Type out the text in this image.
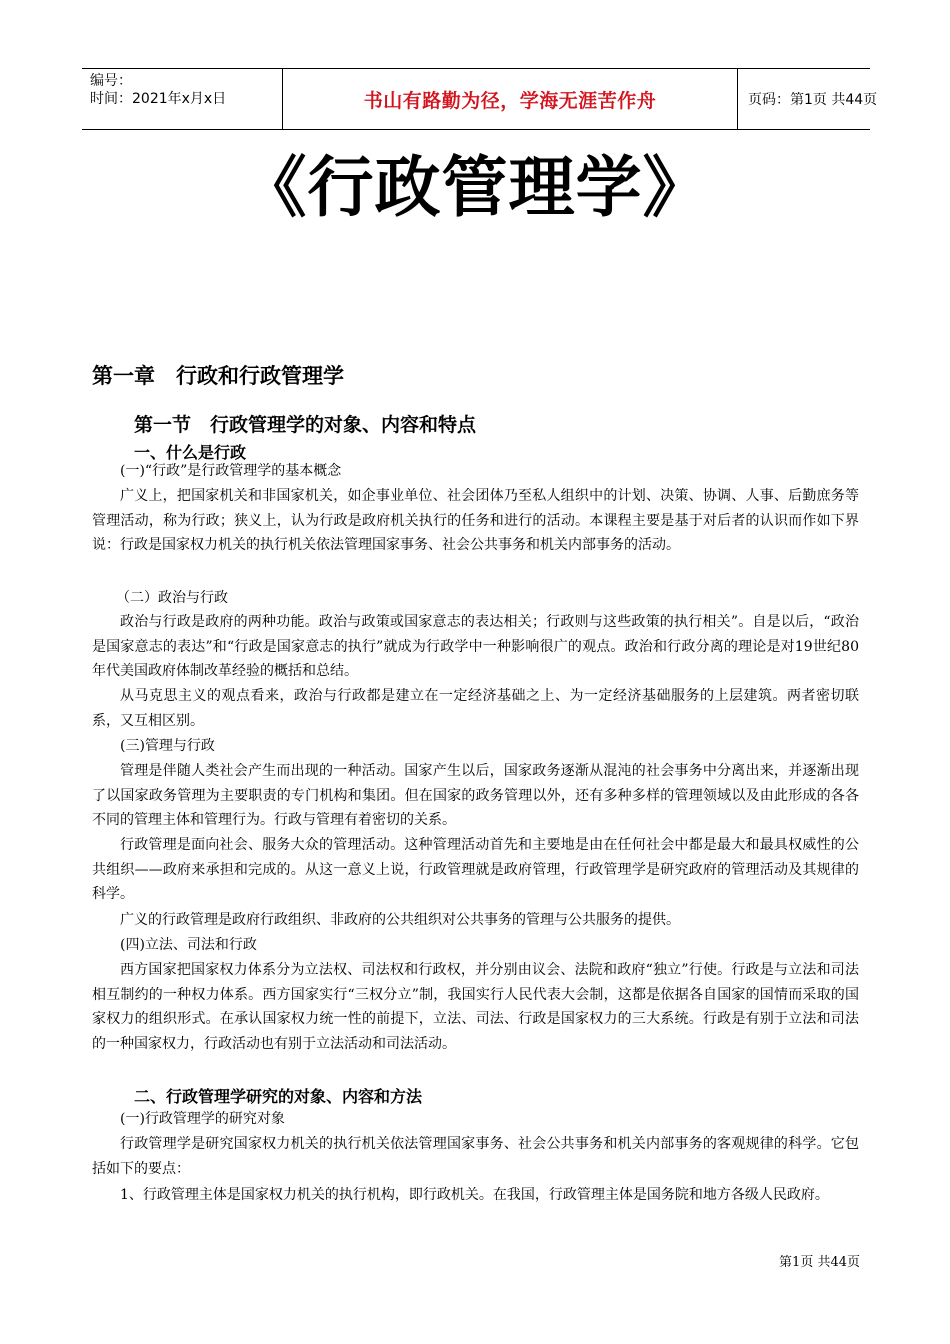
编号：
时间：2021年x月x日	书山有路勤为径，学海无涯苦作舟	页码：第1页 共44页
《行政管理学》
第一章　行政和行政管理学
第一节　行政管理学的对象、内容和特点
一、什么是行政
(一)“行政”是行政管理学的基本概念

广义上，把国家机关和非国家机关，如企事业单位、社会团体乃至私人组织中的计划、决策、协调、人事、后勤庶务等管理活动，称为行政；狭义上，认为行政是政府机关执行的任务和进行的活动。本课程主要是基于对后者的认识而作如下界说：行政是国家权力机关的执行机关依法管理国家事务、社会公共事务和机关内部事务的活动。

（二）政治与行政

政治与行政是政府的两种功能。政治与政策或国家意志的表达相关；行政则与这些政策的执行相关”。自是以后，“政治是国家意志的表达”和“行政是国家意志的执行”就成为行政学中一种影响很广的观点。政治和行政分离的理论是对19世纪80年代美国政府体制改革经验的概括和总结。

从马克思主义的观点看来，政治与行政都是建立在一定经济基础之上、为一定经济基础服务的上层建筑。两者密切联系，又互相区别。

(三)管理与行政

管理是伴随人类社会产生而出现的一种活动。国家产生以后，国家政务逐渐从混沌的社会事务中分离出来，并逐渐出现了以国家政务管理为主要职责的专门机构和集团。但在国家的政务管理以外，还有多种多样的管理领域以及由此形成的各各不同的管理主体和管理行为。行政与管理有着密切的关系。

行政管理是面向社会、服务大众的管理活动。这种管理活动首先和主要地是由在任何社会中都是最大和最具权威性的公共组织——政府来承担和完成的。从这一意义上说，行政管理就是政府管理，行政管理学是研究政府的管理活动及其规律的科学。

广义的行政管理是政府行政组织、非政府的公共组织对公共事务的管理与公共服务的提供。

(四)立法、司法和行政

西方国家把国家权力体系分为立法权、司法权和行政权，并分别由议会、法院和政府“独立”行使。行政是与立法和司法相互制约的一种权力体系。西方国家实行“三权分立”制，我国实行人民代表大会制，这都是依据各自国家的国情而采取的国家权力的组织形式。在承认国家权力统一性的前提下，立法、司法、行政是国家权力的三大系统。行政是有别于立法和司法的一种国家权力，行政活动也有别于立法活动和司法活动。

二、行政管理学研究的对象、内容和方法
(一)行政管理学的研究对象

行政管理学是研究国家权力机关的执行机关依法管理国家事务、社会公共事务和机关内部事务的客观规律的科学。它包括如下的要点：

1、行政管理主体是国家权力机关的执行机构，即行政机关。在我国，行政管理主体是国务院和地方各级人民政府。

第1页 共44页
